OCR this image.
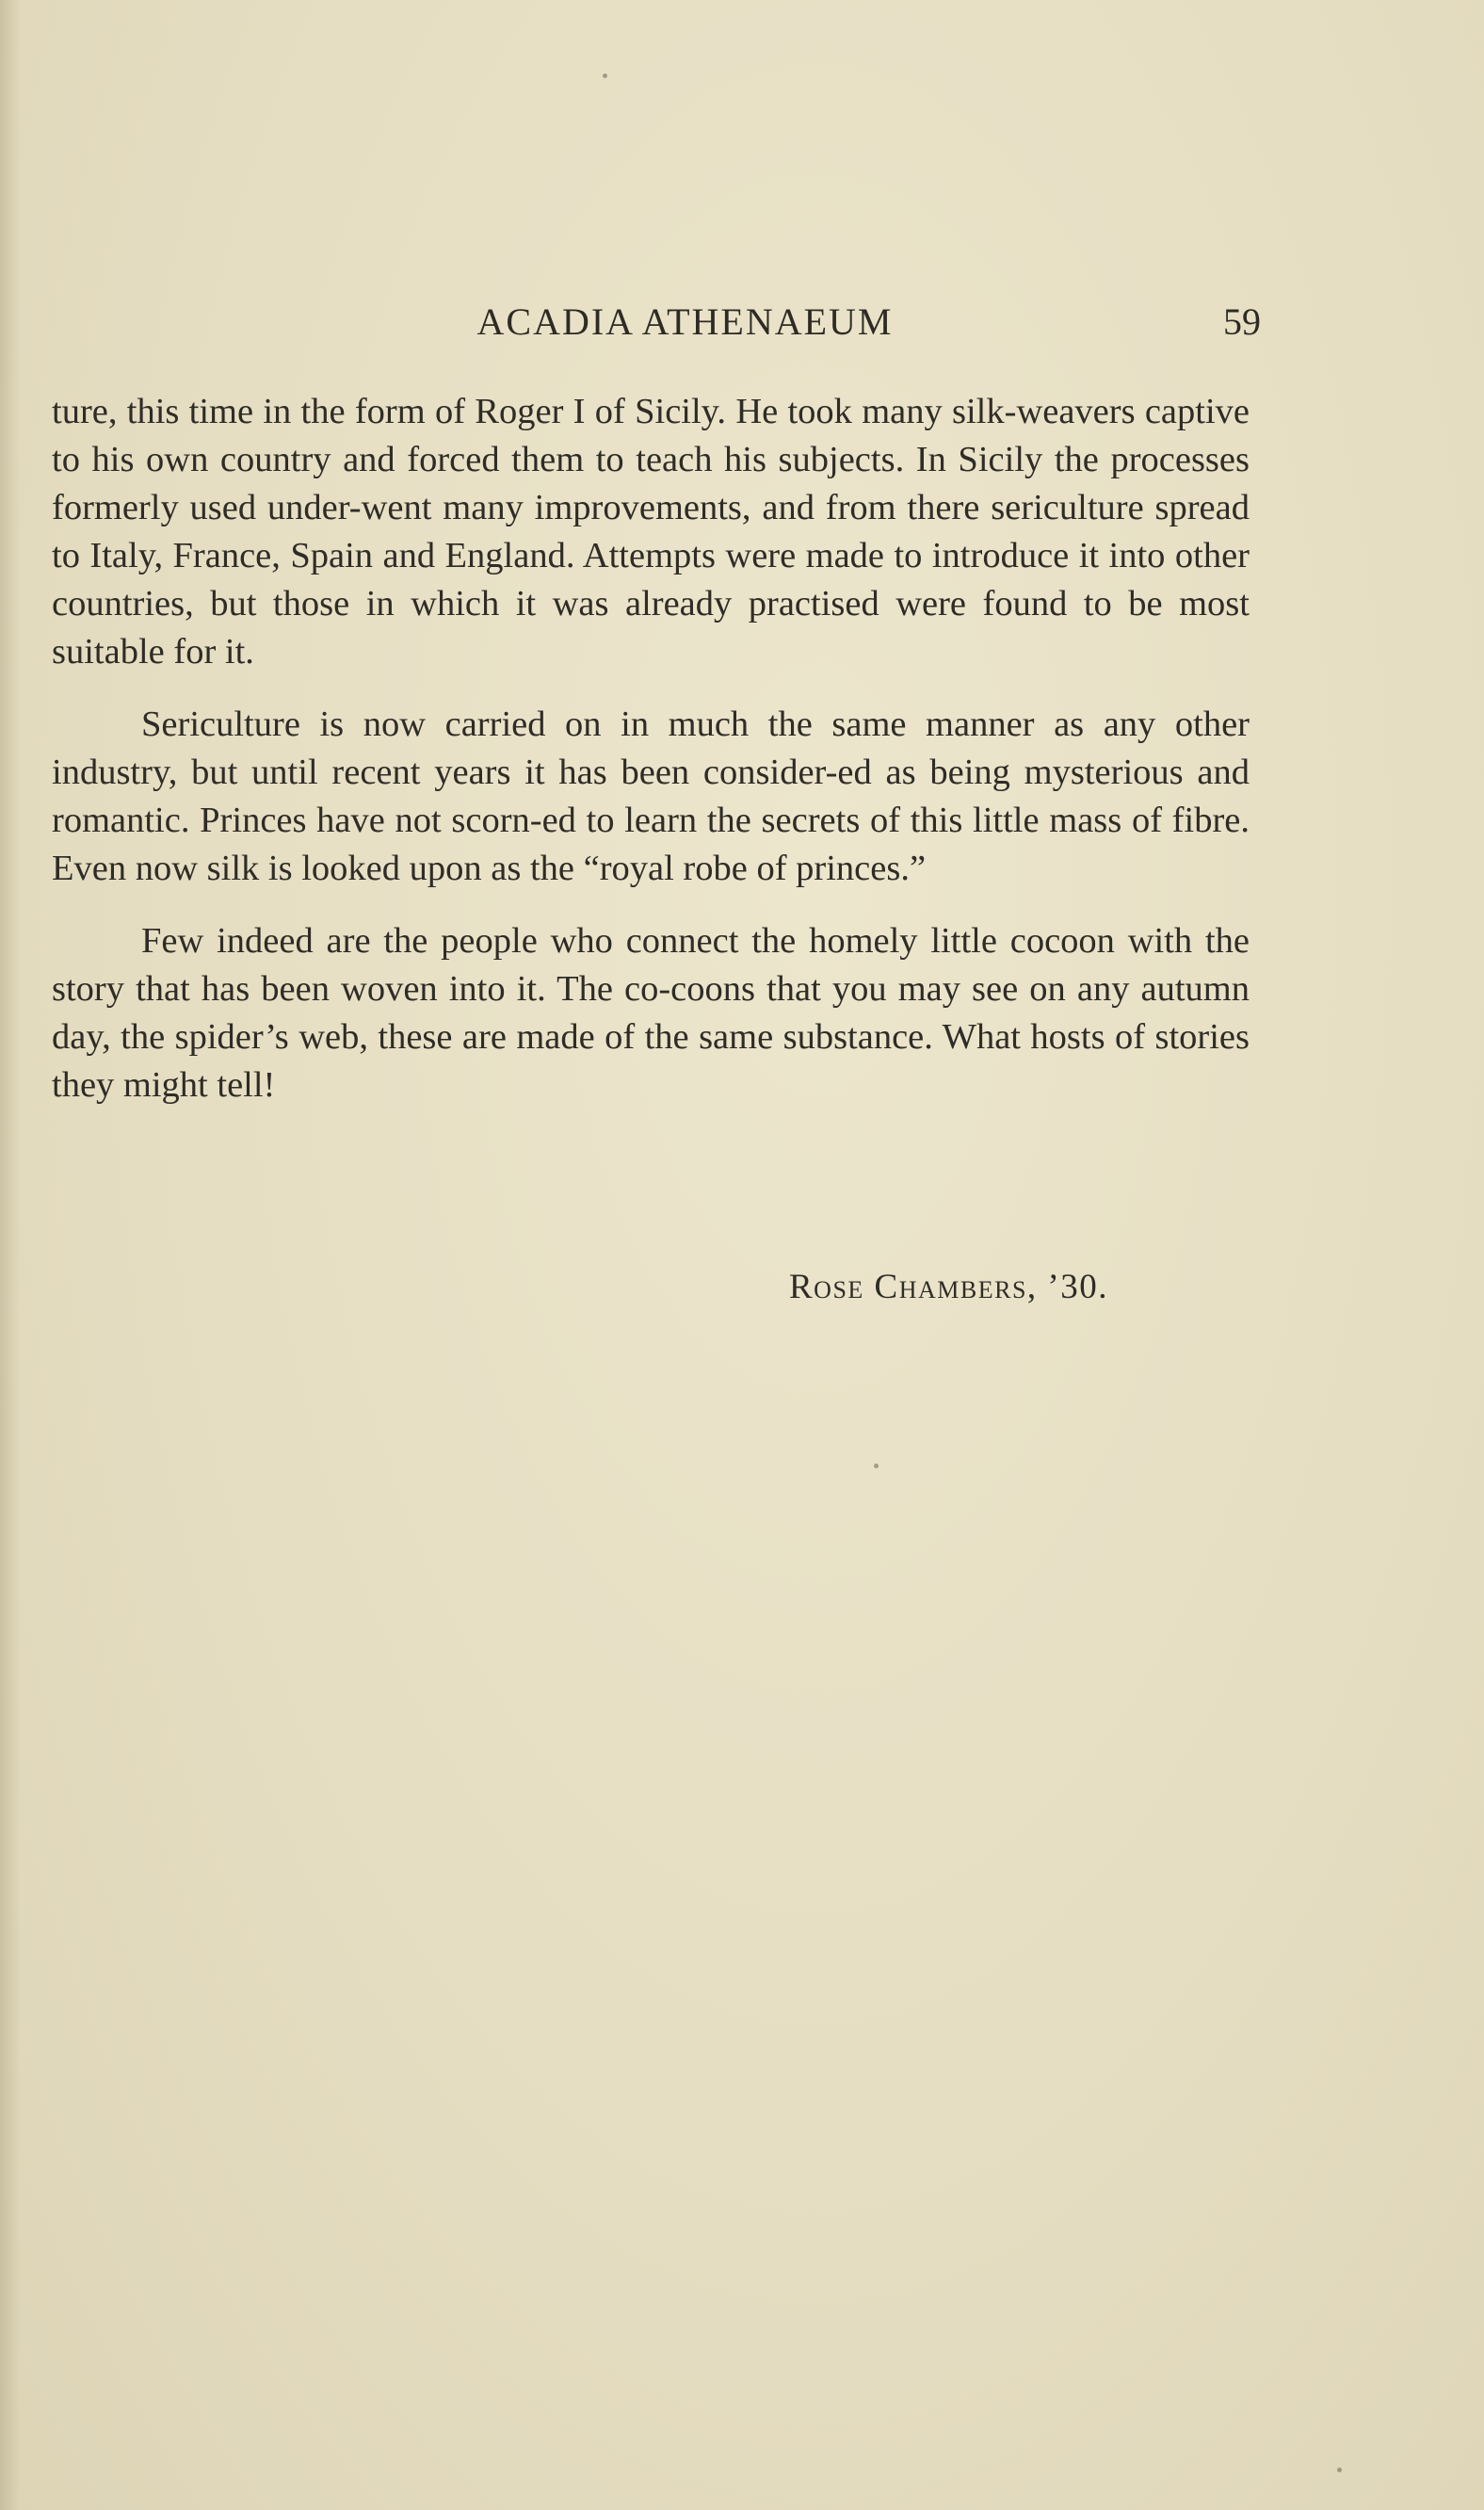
ACADIA ATHENAEUM	59

ture, this time in the form of Roger I of Sicily. He took many silk-weavers captive to his own country and forced them to teach his subjects. In Sicily the processes formerly used under-went many improvements, and from there sericulture spread to Italy, France, Spain and England. Attempts were made to introduce it into other countries, but those in which it was already practised were found to be most suitable for it.

Sericulture is now carried on in much the same manner as any other industry, but until recent years it has been consider-ed as being mysterious and romantic. Princes have not scorn-ed to learn the secrets of this little mass of fibre. Even now silk is looked upon as the “royal robe of princes.”

Few indeed are the people who connect the homely little cocoon with the story that has been woven into it. The co-coons that you may see on any autumn day, the spider’s web, these are made of the same substance. What hosts of stories they might tell!

Rose Chambers, ’30.
